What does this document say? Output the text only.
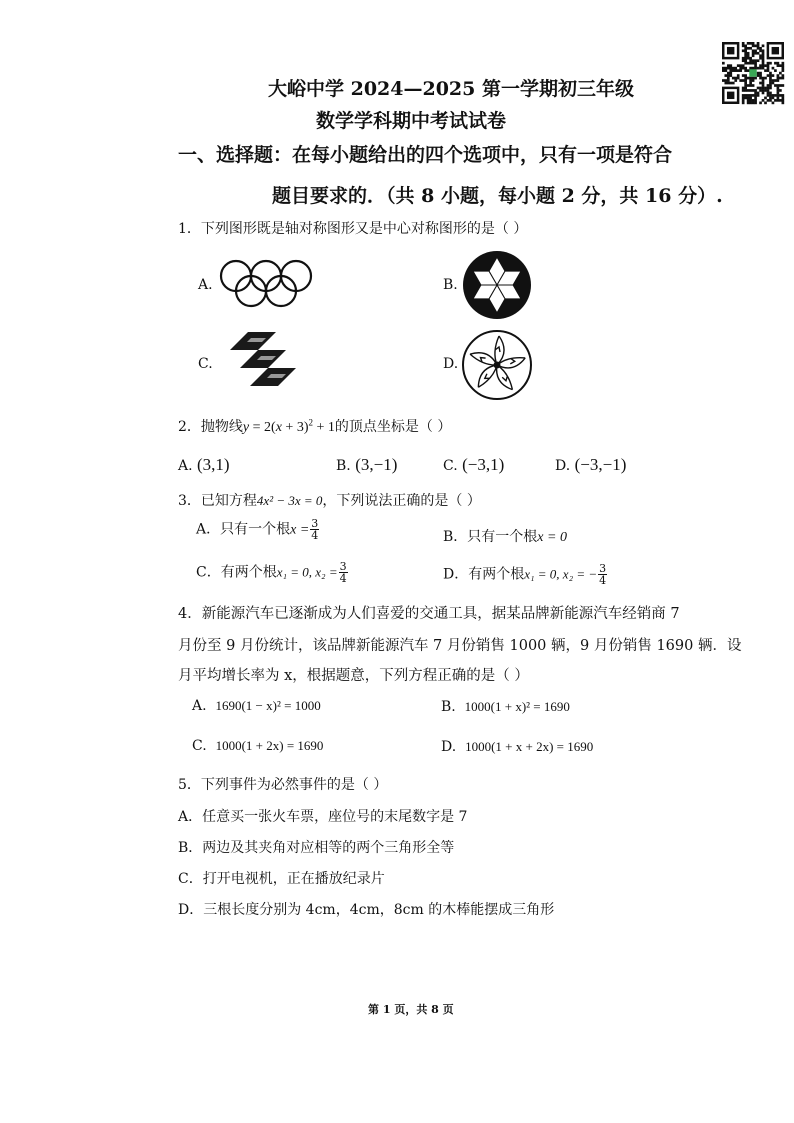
大峪中学 2024—2025 第一学期初三年级
数学学科期中考试试卷
一、选择题：在每小题给出的四个选项中，只有一项是符合
题目要求的．（共 8 小题，每小题 2 分，共 16 分）.
1．下列图形既是轴对称图形又是中心对称图形的是（ ）
A.	B.
C.	D.
2．抛物线$y = 2(x + 3)^2 + 1$的顶点坐标是（ ）
A. (3,1)	B. (3,−1)	C. (−3,1)	D. (−3,−1)
3．已知方程4x² − 3x = 0，下列说法正确的是（ ）
A．只有一个根$x = \frac{3}{4}$	B．只有一个根x = 0
C．有两个根x₁ = 0, $x_2 = \frac{3}{4}$	D．有两个根x₁ = 0, x₂ = − $\frac{3}{4}$
4．新能源汽车已逐渐成为人们喜爱的交通工具，据某品牌新能源汽车经销商 7
月份至 9 月份统计，该品牌新能源汽车 7 月份销售 1000 辆，9 月份销售 1690 辆．设
月平均增长率为 x，根据题意，下列方程正确的是（ ）
A. 1690(1 − x)² = 1000	B. 1000(1 + x)² = 1690
C. 1000(1 + 2x) = 1690	D. 1000(1 + x + 2x) = 1690
5．下列事件为必然事件的是（ ）
A．任意买一张火车票，座位号的末尾数字是 7
B．两边及其夹角对应相等的两个三角形全等
C．打开电视机，正在播放纪录片
D．三根长度分别为 4cm，4cm，8cm 的木棒能摆成三角形
第 1 页，共 8 页
